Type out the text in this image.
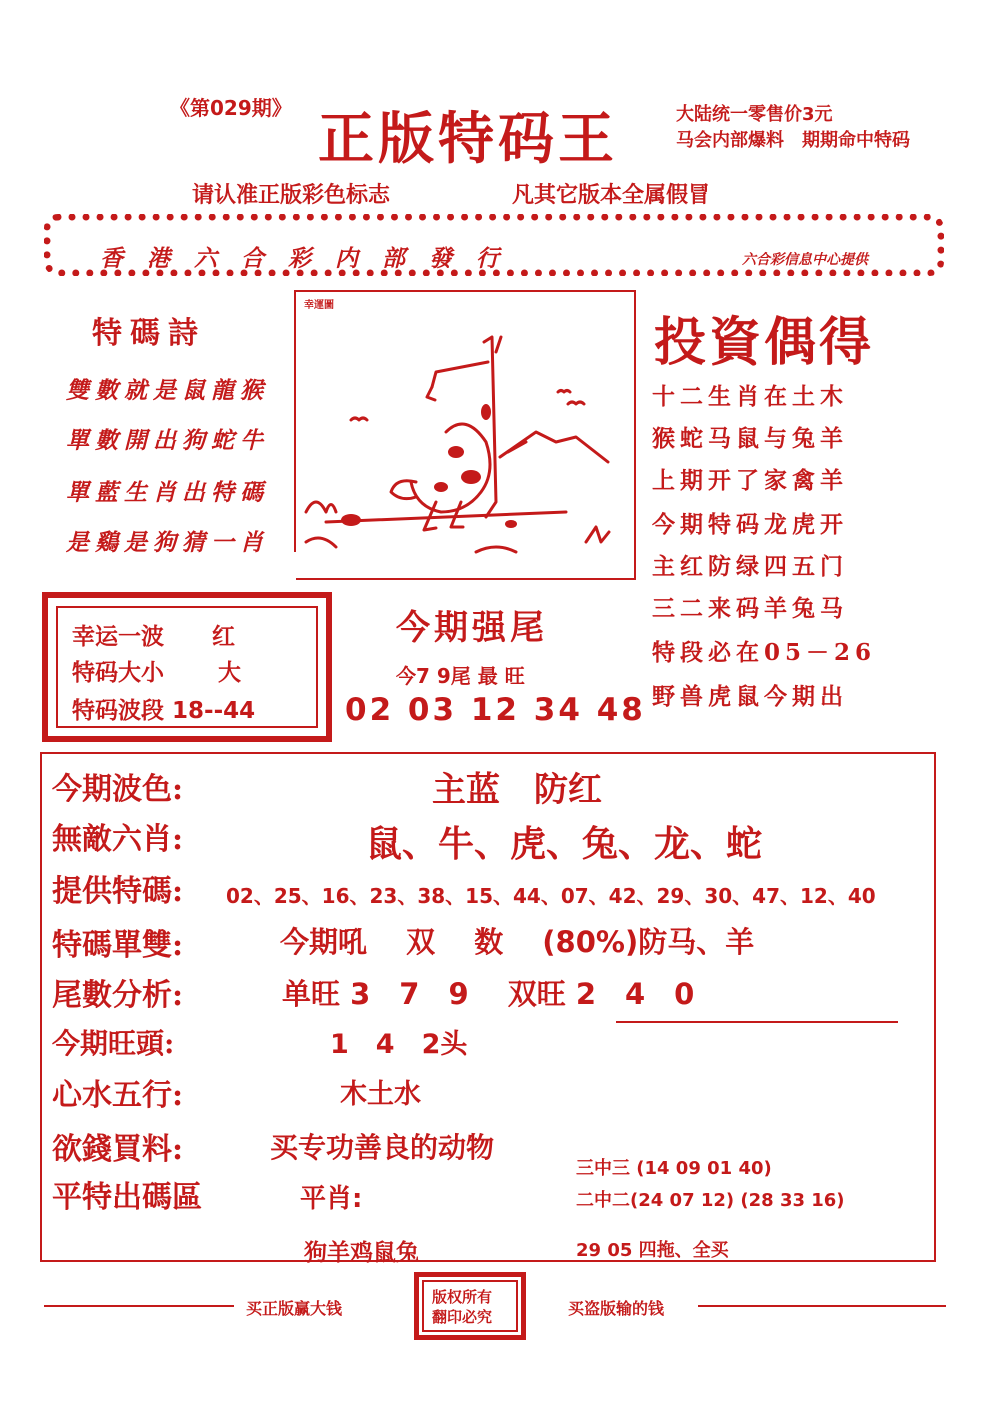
《第029期》 正版特码王	大陆统一零售价3元
马会内部爆料　期期命中特码
请认准正版彩色标志	凡其它版本全属假冒
香港六合彩内部發行	六合彩信息中心提供
特碼詩
雙數就是鼠龍猴
單數開出狗蛇牛
單藍生肖出特碼
是鷄是狗猜一肖
幸運圖
投資偶得
十二生肖在土木
猴蛇马鼠与兔羊
上期开了家禽羊
今期特码龙虎开
主红防绿四五门
三二来码羊兔马
特段必在05－26
野兽虎鼠今期出
幸运一波 红
特码大小 大
特码波段 18--44
今期强尾
今7 9尾 最 旺
02 03 12 34 48
今期波色:	主蓝　防红
無敵六肖:	鼠、牛、虎、兔、龙、蛇
提供特碼: 02、25、16、23、38、15、44、07、42、29、30、47、12、40
特碼單雙:	今期吼　 双　 数　 (80%)防马、羊
尾數分析:	单旺 3　7　9　 双旺 2　4　0
今期旺頭:	1　4　2头
心水五行:	木土水
欲錢買料:	买专功善良的动物
平特出碼區	平肖:
狗羊鸡鼠兔
三中三 (14 09 01 40)
二中二(24 07 12) (28 33 16)
29 05 四拖、全买
买正版赢大钱
版权所有
翻印必究	买盗版输的钱
